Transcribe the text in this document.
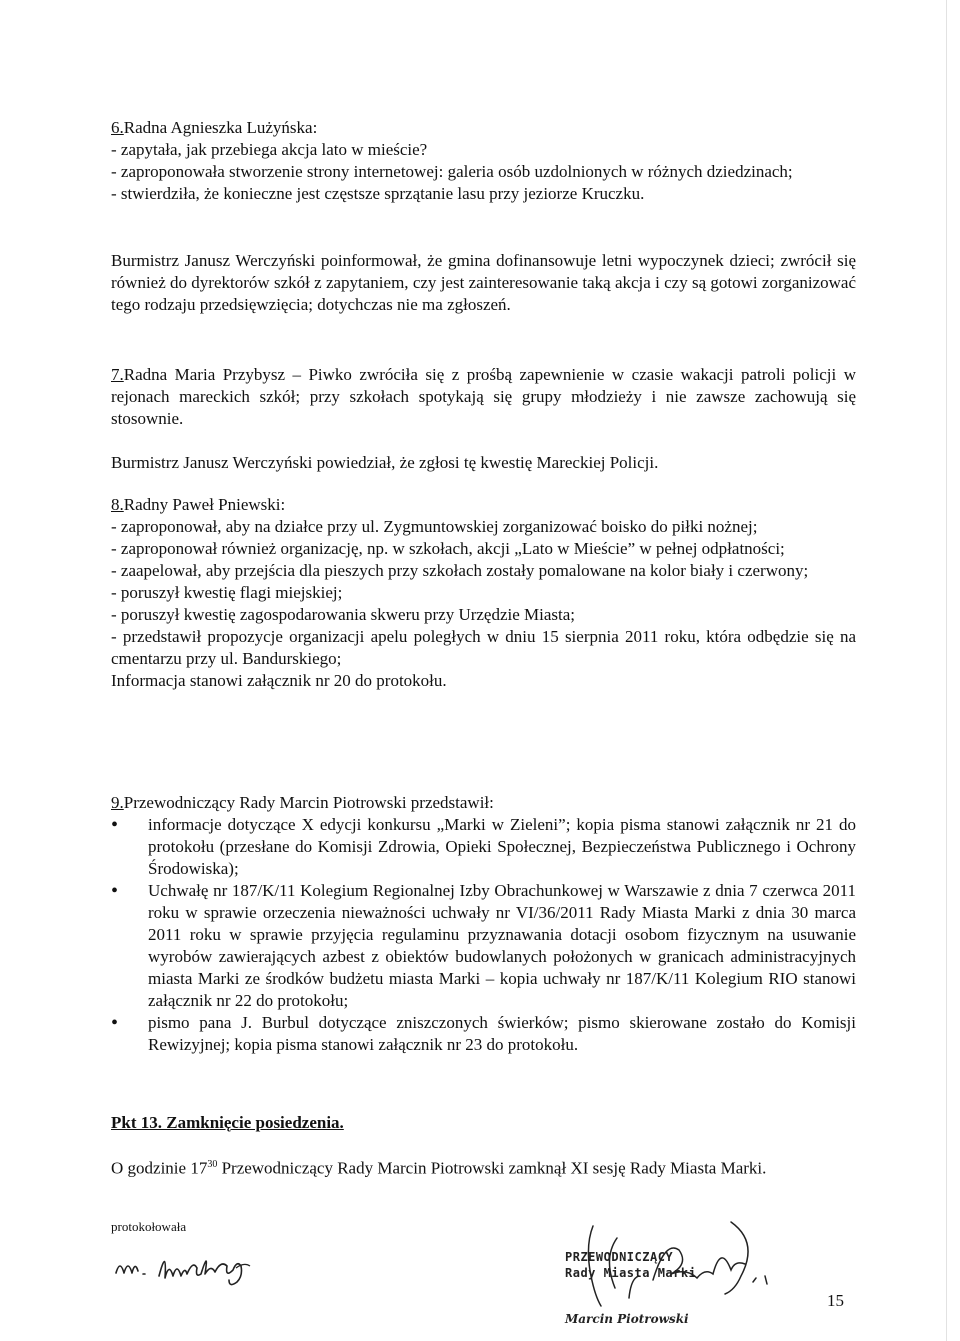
6.Radna Agnieszka Lużyńska:

- zapytała, jak przebiega akcja lato w mieście?

- zaproponowała stworzenie strony internetowej: galeria osób uzdolnionych w różnych dziedzinach;

- stwierdziła, że konieczne jest częstsze sprzątanie lasu przy jeziorze Kruczku.

Burmistrz Janusz Werczyński poinformował, że gmina dofinansowuje letni wypoczynek dzieci; zwrócił się również do dyrektorów szkół z zapytaniem, czy jest zainteresowanie taką akcja i czy są gotowi zorganizować tego rodzaju przedsięwzięcia; dotychczas nie ma zgłoszeń.
7.Radna Maria Przybysz – Piwko zwróciła się z prośbą zapewnienie w czasie wakacji patroli policji w rejonach mareckich szkół; przy szkołach spotykają się grupy młodzieży i nie zawsze zachowują się stosownie.
Burmistrz Janusz Werczyński powiedział, że zgłosi tę kwestię Mareckiej Policji.

8.Radny Paweł Pniewski:

- zaproponował, aby na działce przy ul. Zygmuntowskiej zorganizować boisko do piłki nożnej;

- zaproponował również organizację, np. w szkołach, akcji „Lato w Mieście” w pełnej odpłatności;

- zaapelował, aby przejścia dla pieszych przy szkołach zostały pomalowane na kolor biały i czerwony;

- poruszył kwestię flagi miejskiej;

- poruszył kwestię zagospodarowania skweru przy Urzędzie Miasta;

- przedstawił propozycje organizacji apelu poległych w dniu 15 sierpnia 2011 roku, która odbędzie się na cmentarzu przy ul. Bandurskiego;

Informacja stanowi załącznik nr 20 do protokołu.

9.Przewodniczący Rady Marcin Piotrowski przedstawił:

• informacje dotyczące X edycji konkursu „Marki w Zieleni”; kopia pisma stanowi załącznik nr 21 do protokołu (przesłane do Komisji Zdrowia, Opieki Społecznej, Bezpieczeństwa Publicznego i Ochrony Środowiska);
• Uchwałę nr 187/K/11 Kolegium Regionalnej Izby Obrachunkowej w Warszawie z dnia 7 czerwca 2011 roku w sprawie orzeczenia nieważności uchwały nr VI/36/2011 Rady Miasta Marki z dnia 30 marca 2011 roku w sprawie przyjęcia regulaminu przyznawania dotacji osobom fizycznym na usuwanie wyrobów zawierających azbest z obiektów budowlanych położonych w granicach administracyjnych miasta Marki ze środków budżetu miasta Marki – kopia uchwały nr 187/K/11 Kolegium RIO stanowi załącznik nr 22 do protokołu;
• pismo pana J. Burbul dotyczące zniszczonych świerków; pismo skierowane zostało do Komisji Rewizyjnej; kopia pisma stanowi załącznik nr 23 do protokołu.
Pkt 13. Zamknięcie posiedzenia.
O godzinie $17^{30}$ Przewodniczący Rady Marcin Piotrowski zamknął XI sesję Rady Miasta Marki.
protokołowała
PRZEWODNICZĄCY
Rady Miasta Marki
Marcin Piotrowski
15
